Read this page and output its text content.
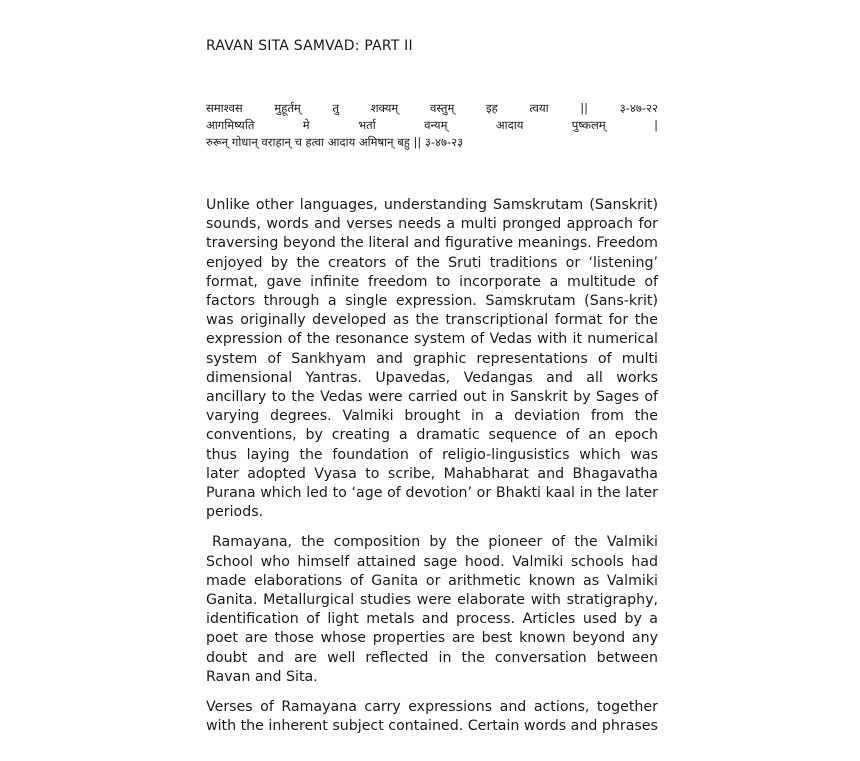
RAVAN SITA SAMVAD: PART II
समाश्वस	मुहूर्तम्	तु	शक्यम्	वस्तुम्	इह	त्वया	||	३-४७-२२
आगमिष्यति	मे	भर्ता	वन्यम्	आदाय	पुष्कलम्	|
रुरून् गोधान् वराहान् च हत्वा आदाय अमिषान् बहु || ३-४७-२३

Unlike other languages, understanding Samskrutam (Sanskrit) sounds, words and verses needs a multi pronged approach for traversing beyond the literal and figurative meanings. Freedom enjoyed by the creators of the Sruti traditions or ‘listening’ format, gave infinite freedom to incorporate a multitude of factors through a single expression. Samskrutam (Sans-krit) was originally developed as the transcriptional format for the expression of the resonance system of Vedas with it numerical system of Sankhyam and graphic representations of multi dimensional Yantras. Upavedas, Vedangas and all works ancillary to the Vedas were carried out in Sanskrit by Sages of varying degrees. Valmiki brought in a deviation from the conventions, by creating a dramatic sequence of an epoch thus laying the foundation of religio-lingusistics which was later adopted Vyasa to scribe, Mahabharat and Bhagavatha Purana which led to ‘age of devotion’ or Bhakti kaal in the later periods.

Ramayana, the composition by the pioneer of the Valmiki School who himself attained sage hood. Valmiki schools had made elaborations of Ganita or arithmetic known as Valmiki Ganita. Metallurgical studies were elaborate with stratigraphy, identification of light metals and process. Articles used by a poet are those whose properties are best known beyond any doubt and are well reflected in the conversation between Ravan and Sita.

Verses of Ramayana carry expressions and actions, together with the inherent subject contained. Certain words and phrases
